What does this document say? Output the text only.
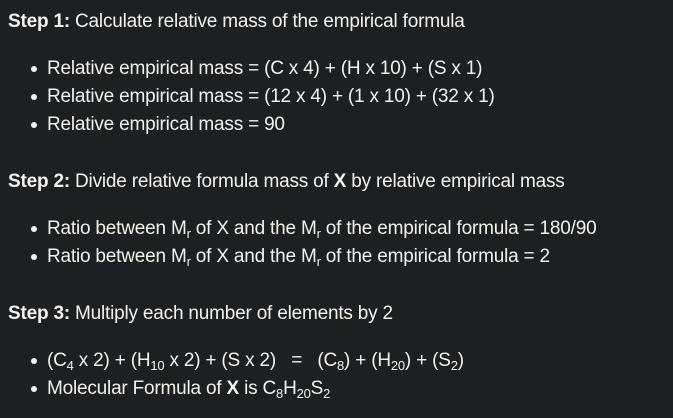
Step 1: Calculate relative mass of the empirical formula
Relative empirical mass = (C x 4) + (H x 10) + (S x 1)
Relative empirical mass = (12 x 4) + (1 x 10) + (32 x 1)
Relative empirical mass = 90
Step 2: Divide relative formula mass of X by relative empirical mass
Ratio between $M_r$ of X and the $M_r$ of the empirical formula = 180/90
Ratio between $M_r$ of X and the $M_r$ of the empirical formula = 2
Step 3: Multiply each number of elements by 2
($C_4$ x $2) + (H_{10}$ x 2) + (S x $2) = (C_8) + (H_{20}) + (S_2)$
Molecular Formula of X is $C_8H_{20}S_2$
